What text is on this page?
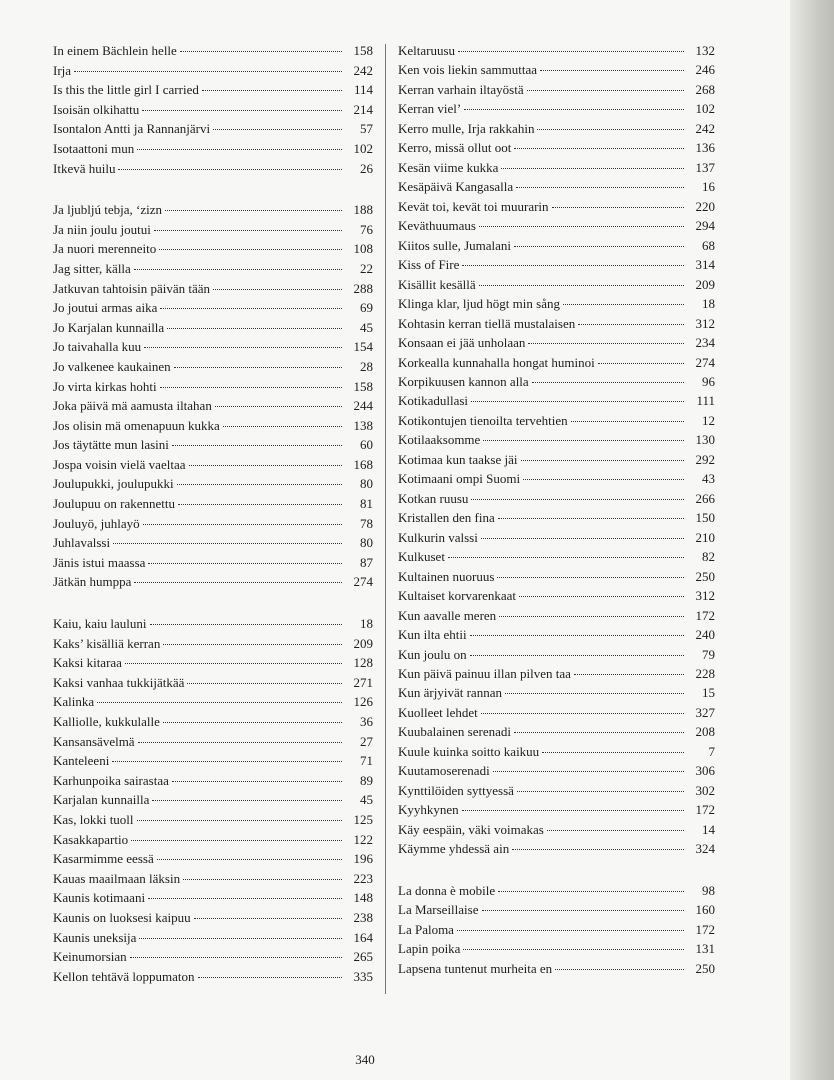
In einem Bächlein helle	158
Irja	242
Is this the little girl I carried	114
Isoisän olkihattu	214
Isontalon Antti ja Rannanjärvi	57
Isotaattoni mun	102
Itkevä huilu	26
Ja ljubljú tebja, ‘zizn	188
Ja niin joulu joutui	76
Ja nuori merenneito	108
Jag sitter, källa	22
Jatkuvan tahtoisin päivän tään	288
Jo joutui armas aika	69
Jo Karjalan kunnailla	45
Jo taivahalla kuu	154
Jo valkenee kaukainen	28
Jo virta kirkas hohti	158
Joka päivä mä aamusta iltahan	244
Jos olisin mä omenapuun kukka	138
Jos täytätte mun lasini	60
Jospa voisin vielä vaeltaa	168
Joulupukki, joulupukki	80
Joulupuu on rakennettu	81
Jouluyö, juhlayö	78
Juhlavalssi	80
Jänis istui maassa	87
Jätkän humppa	274
Kaiu, kaiu lauluni	18
Kaks’ kisälliä kerran	209
Kaksi kitaraa	128
Kaksi vanhaa tukkijätkää	271
Kalinka	126
Kalliolle, kukkulalle	36
Kansansävelmä	27
Kanteleeni	71
Karhunpoika sairastaa	89
Karjalan kunnailla	45
Kas, lokki tuoll	125
Kasakkapartio	122
Kasarmimme eessä	196
Kauas maailmaan läksin	223
Kaunis kotimaani	148
Kaunis on luoksesi kaipuu	238
Kaunis uneksija	164
Keinumorsian	265
Kellon tehtävä loppumaton	335
Keltaruusu	132
Ken vois liekin sammuttaa	246
Kerran varhain iltayöstä	268
Kerran viel’	102
Kerro mulle, Irja rakkahin	242
Kerro, missä ollut oot	136
Kesän viime kukka	137
Kesäpäivä Kangasalla	16
Kevät toi, kevät toi muurarin	220
Keväthuumaus	294
Kiitos sulle, Jumalani	68
Kiss of Fire	314
Kisällit kesällä	209
Klinga klar, ljud högt min sång	18
Kohtasin kerran tiellä mustalaisen	312
Konsaan ei jää unholaan	234
Korkealla kunnahalla hongat huminoi	274
Korpikuusen kannon alla	96
Kotikadullasi	111
Kotikontujen tienoilta tervehtien	12
Kotilaaksomme	130
Kotimaa kun taakse jäi	292
Kotimaani ompi Suomi	43
Kotkan ruusu	266
Kristallen den fina	150
Kulkurin valssi	210
Kulkuset	82
Kultainen nuoruus	250
Kultaiset korvarenkaat	312
Kun aavalle meren	172
Kun ilta ehtii	240
Kun joulu on	79
Kun päivä painuu illan pilven taa	228
Kun ärjyivät rannan	15
Kuolleet lehdet	327
Kuubalainen serenadi	208
Kuule kuinka soitto kaikuu	7
Kuutamoserenadi	306
Kynttilöiden syttyessä	302
Kyyhkynen	172
Käy eespäin, väki voimakas	14
Käymme yhdessä ain	324
La donna è mobile	98
La Marseillaise	160
La Paloma	172
Lapin poika	131
Lapsena tuntenut murheita en	250
340
